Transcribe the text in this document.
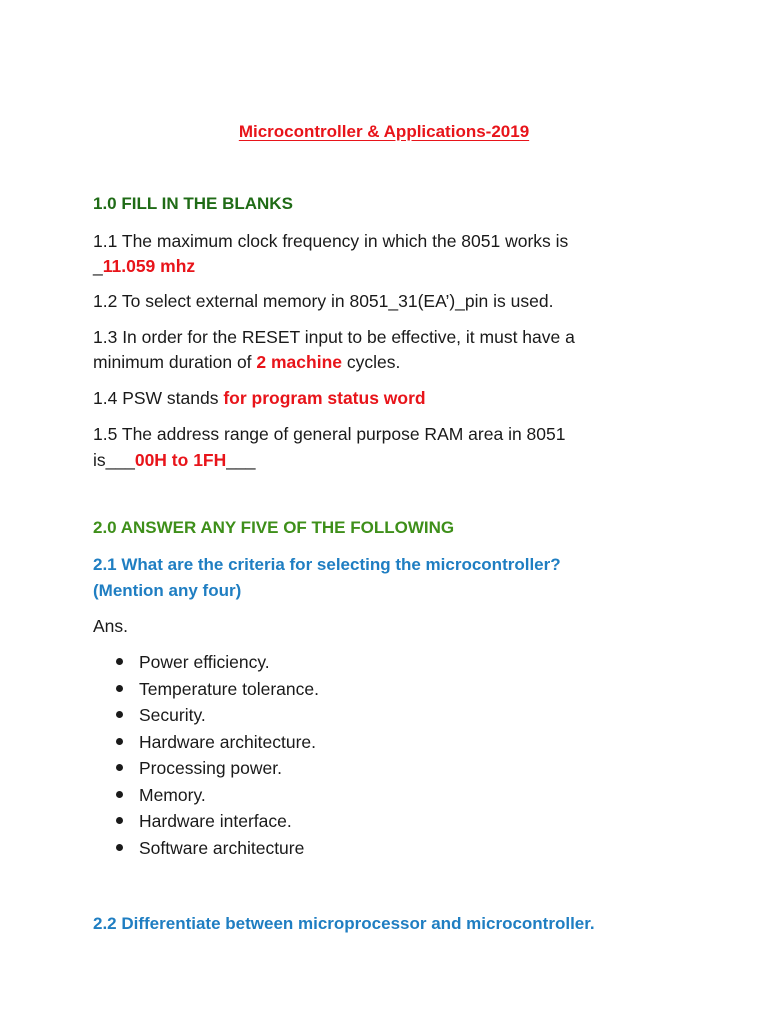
Microcontroller & Applications-2019
1.0 FILL IN THE BLANKS
1.1 The maximum clock frequency in which the 8051 works is
_11.059 mhz
1.2 To select external memory in 8051_31(EA’)_pin is used.
1.3 In order for the RESET input to be effective, it must have a
minimum duration of 2 machine cycles.
1.4 PSW stands for program status word
1.5 The address range of general purpose RAM area in 8051
is___00H to 1FH___
2.0 ANSWER ANY FIVE OF THE FOLLOWING
2.1 What are the criteria for selecting the microcontroller?
(Mention any four)
Ans.
Power efficiency.
Temperature tolerance.
Security.
Hardware architecture.
Processing power.
Memory.
Hardware interface.
Software architecture
2.2 Differentiate between microprocessor and microcontroller.
